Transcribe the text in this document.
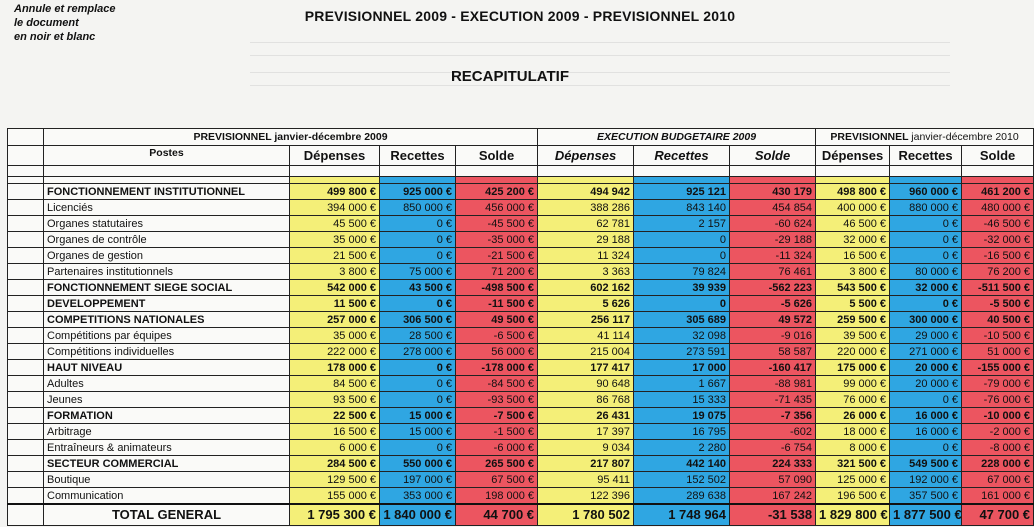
Annule et remplace
le document
en noir et blanc
PREVISIONNEL 2009 - EXECUTION 2009 - PREVISIONNEL 2010
RECAPITULATIF
	PREVISIONNEL janvier-décembre 2009				EXECUTION BUDGETAIRE 2009			PREVISIONNEL janvier-décembre 2010		
	Postes	Dépenses	Recettes	Solde	Dépenses	Recettes	Solde	Dépenses	Recettes	Solde

	FONCTIONNEMENT INSTITUTIONNEL	499 800 €	925 000 €	425 200 €	494 942	925 121	430 179	498 800 €	960 000 €	461 200 €
	Licenciés	394 000 €	850 000 €	456 000 €	388 286	843 140	454 854	400 000 €	880 000 €	480 000 €
	Organes statutaires	45 500 €	0 €	-45 500 €	62 781	2 157	-60 624	46 500 €	0 €	-46 500 €
	Organes de contrôle	35 000 €	0 €	-35 000 €	29 188	0	-29 188	32 000 €	0 €	-32 000 €
	Organes de gestion	21 500 €	0 €	-21 500 €	11 324	0	-11 324	16 500 €	0 €	-16 500 €
	Partenaires institutionnels	3 800 €	75 000 €	71 200 €	3 363	79 824	76 461	3 800 €	80 000 €	76 200 €
	FONCTIONNEMENT SIEGE SOCIAL	542 000 €	43 500 €	-498 500 €	602 162	39 939	-562 223	543 500 €	32 000 €	-511 500 €
	DEVELOPPEMENT	11 500 €	0 €	-11 500 €	5 626	0	-5 626	5 500 €	0 €	-5 500 €
	COMPETITIONS NATIONALES	257 000 €	306 500 €	49 500 €	256 117	305 689	49 572	259 500 €	300 000 €	40 500 €
	Compétitions par équipes	35 000 €	28 500 €	-6 500 €	41 114	32 098	-9 016	39 500 €	29 000 €	-10 500 €
	Compétitions individuelles	222 000 €	278 000 €	56 000 €	215 004	273 591	58 587	220 000 €	271 000 €	51 000 €
	HAUT NIVEAU	178 000 €	0 €	-178 000 €	177 417	17 000	-160 417	175 000 €	20 000 €	-155 000 €
	Adultes	84 500 €	0 €	-84 500 €	90 648	1 667	-88 981	99 000 €	20 000 €	-79 000 €
	Jeunes	93 500 €	0 €	-93 500 €	86 768	15 333	-71 435	76 000 €	0 €	-76 000 €
	FORMATION	22 500 €	15 000 €	-7 500 €	26 431	19 075	-7 356	26 000 €	16 000 €	-10 000 €
	Arbitrage	16 500 €	15 000 €	-1 500 €	17 397	16 795	-602	18 000 €	16 000 €	-2 000 €
	Entraîneurs & animateurs	6 000 €	0 €	-6 000 €	9 034	2 280	-6 754	8 000 €	0 €	-8 000 €
	SECTEUR COMMERCIAL	284 500 €	550 000 €	265 500 €	217 807	442 140	224 333	321 500 €	549 500 €	228 000 €
	Boutique	129 500 €	197 000 €	67 500 €	95 411	152 502	57 090	125 000 €	192 000 €	67 000 €
	Communication	155 000 €	353 000 €	198 000 €	122 396	289 638	167 242	196 500 €	357 500 €	161 000 €
	TOTAL GENERAL	1 795 300 €	1 840 000 €	44 700 €	1 780 502	1 748 964	-31 538	1 829 800 €	1 877 500 €	47 700 €
